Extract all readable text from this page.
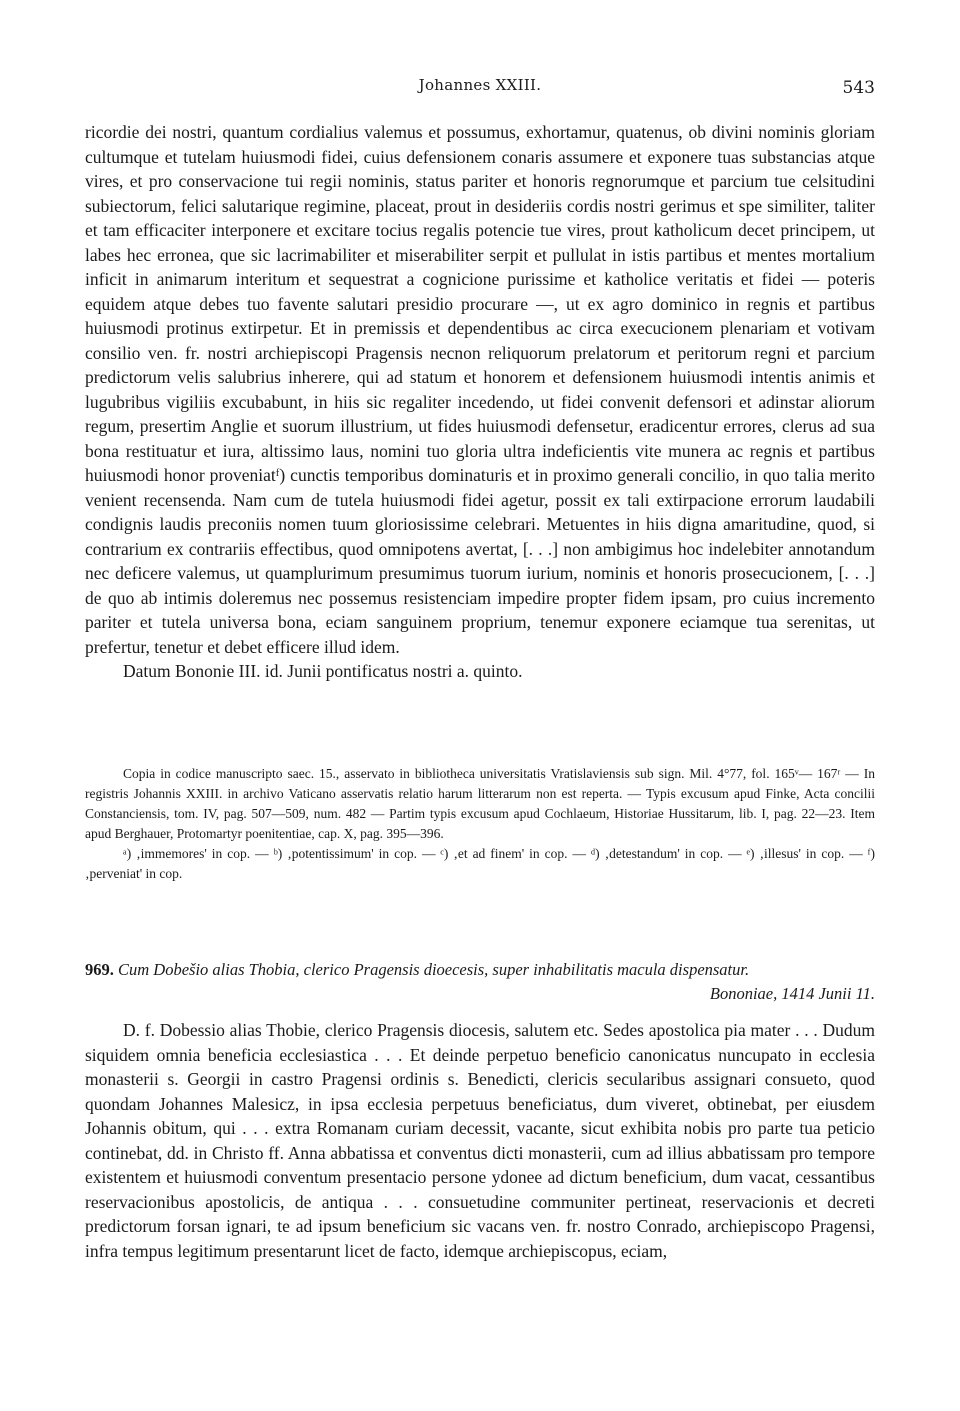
Johannes XXIII.	543

ricordie dei nostri, quantum cordialius valemus et possumus, exhortamur, quatenus, ob divini nominis gloriam cultumque et tutelam huiusmodi fidei, cuius defensionem conaris assumere et exponere tuas substancias atque vires, et pro conservacione tui regii nominis, status pariter et honoris regnorumque et parcium tue celsitudini subiectorum, felici salutarique regimine, placeat, prout in desideriis cordis nostri gerimus et spe similiter, taliter et tam efficaciter interponere et excitare tocius regalis potencie tue vires, prout katholicum decet principem, ut labes hec erronea, que sic lacrimabiliter et miserabiliter serpit et pullulat in istis partibus et mentes mortalium inficit in animarum interitum et sequestrat a cognicione purissime et katholice veritatis et fidei — poteris equidem atque debes tuo favente salutari presidio procurare —, ut ex agro dominico in regnis et partibus huiusmodi protinus extirpetur. Et in premissis et dependentibus ac circa execucionem plenariam et votivam consilio ven. fr. nostri archiepiscopi Pragensis necnon reliquorum prelatorum et peritorum regni et parcium predictorum velis salubrius inherere, qui ad statum et honorem et defensionem huiusmodi intentis animis et lugubribus vigiliis excubabunt, in hiis sic regaliter incedendo, ut fidei convenit defensori et adinstar aliorum regum, presertim Anglie et suorum illustrium, ut fides huiusmodi defensetur, eradicentur errores, clerus ad sua bona restituatur et iura, altissimo laus, nomini tuo gloria ultra indeficientis vite munera ac regnis et partibus huiusmodi honor proveniatᶠ) cunctis temporibus dominaturis et in proximo generali concilio, in quo talia merito venient recensenda. Nam cum de tutela huiusmodi fidei agetur, possit ex tali extirpacione errorum laudabili condignis laudis preconiis nomen tuum gloriosissime celebrari. Metuentes in hiis digna amaritudine, quod, si contrarium ex contrariis effectibus, quod omnipotens avertat, [. . .] non ambigimus hoc indelebiter annotandum nec deficere valemus, ut quamplurimum presumimus tuorum iurium, nominis et honoris prosecucionem, [. . .] de quo ab intimis doleremus nec possemus resistenciam impedire propter fidem ipsam, pro cuius incremento pariter et tutela universa bona, eciam sanguinem proprium, tenemur exponere eciamque tua serenitas, ut prefertur, tenetur et debet efficere illud idem.

Datum Bononie III. id. Junii pontificatus nostri a. quinto.

Copia in codice manuscripto saec. 15., asservato in bibliotheca universitatis Vratislaviensis sub sign. Mil. 4°77, fol. 165ᵛ— 167ʳ — In registris Johannis XXIII. in archivo Vaticano asservatis relatio harum litterarum non est reperta. — Typis excusum apud Finke, Acta concilii Constanciensis, tom. IV, pag. 507—509, num. 482 — Partim typis excusum apud Cochlaeum, Historiae Hussitarum, lib. I, pag. 22—23. Item apud Berghauer, Protomartyr poenitentiae, cap. X, pag. 395—396.

ᵃ) ‚immemores' in cop. — ᵇ) ‚potentissimum' in cop. — ᶜ) ‚et ad finem' in cop. — ᵈ) ‚detestandum' in cop. — ᵉ) ‚illesus' in cop. — ᶠ) ‚perveniat' in cop.

969. Cum Dobešio alias Thobia, clerico Pragensis dioecesis, super inhabilitatis macula dispensatur.
Bononiae, 1414 Junii 11.

D. f. Dobessio alias Thobie, clerico Pragensis diocesis, salutem etc. Sedes apostolica pia mater . . . Dudum siquidem omnia beneficia ecclesiastica . . . Et deinde perpetuo beneficio canonicatus nuncupato in ecclesia monasterii s. Georgii in castro Pragensi ordinis s. Benedicti, clericis secularibus assignari consueto, quod quondam Johannes Malesicz, in ipsa ecclesia perpetuus beneficiatus, dum viveret, obtinebat, per eiusdem Johannis obitum, qui . . . extra Romanam curiam decessit, vacante, sicut exhibita nobis pro parte tua peticio continebat, dd. in Christo ff. Anna abbatissa et conventus dicti monasterii, cum ad illius abbatissam pro tempore existentem et huiusmodi conventum presentacio persone ydonee ad dictum beneficium, dum vacat, cessantibus reservacionibus apostolicis, de antiqua . . . consuetudine communiter pertineat, reservacionis et decreti predictorum forsan ignari, te ad ipsum beneficium sic vacans ven. fr. nostro Conrado, archiepiscopo Pragensi, infra tempus legitimum presentarunt licet de facto, idemque archiepiscopus, eciam,
